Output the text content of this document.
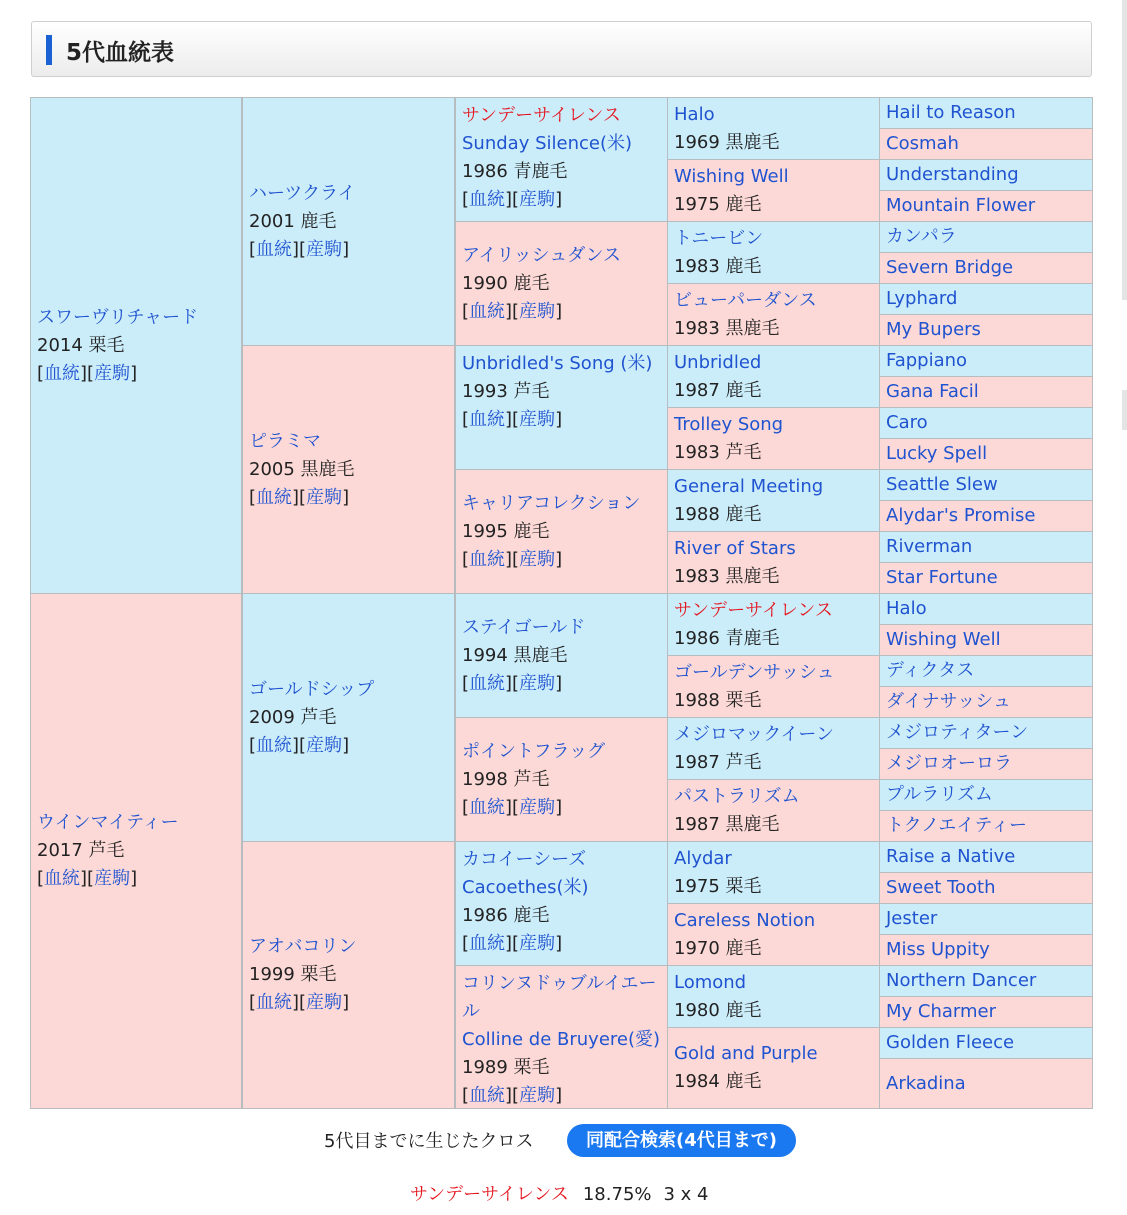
5代血統表
スワーヴリチャード
2014 栗毛
[血統][産駒]
ウインマイティー
2017 芦毛
[血統][産駒]
ハーツクライ
2001 鹿毛
[血統][産駒]
ピラミマ
2005 黒鹿毛
[血統][産駒]
ゴールドシップ
2009 芦毛
[血統][産駒]
アオバコリン
1999 栗毛
[血統][産駒]
サンデーサイレンス
Sunday Silence(米)
1986 青鹿毛
[血統][産駒]
アイリッシュダンス
1990 鹿毛
[血統][産駒]
Unbridled's Song (米)
1993 芦毛
[血統][産駒]
キャリアコレクション
1995 鹿毛
[血統][産駒]
ステイゴールド
1994 黒鹿毛
[血統][産駒]
ポイントフラッグ
1998 芦毛
[血統][産駒]
カコイーシーズ
Cacoethes(米)
1986 鹿毛
[血統][産駒]
コリンヌドゥブルイエール
Colline de Bruyere(愛)
1989 栗毛
[血統][産駒]
Halo
1969 黒鹿毛
Wishing Well
1975 鹿毛
トニービン
1983 鹿毛
ビューパーダンス
1983 黒鹿毛
Unbridled
1987 鹿毛
Trolley Song
1983 芦毛
General Meeting
1988 鹿毛
River of Stars
1983 黒鹿毛
サンデーサイレンス
1986 青鹿毛
ゴールデンサッシュ
1988 栗毛
メジロマックイーン
1987 芦毛
パストラリズム
1987 黒鹿毛
Alydar
1975 栗毛
Careless Notion
1970 鹿毛
Lomond
1980 鹿毛
Gold and Purple
1984 鹿毛
Hail to Reason
Cosmah
Understanding
Mountain Flower
カンパラ
Severn Bridge
Lyphard
My Bupers
Fappiano
Gana Facil
Caro
Lucky Spell
Seattle Slew
Alydar's Promise
Riverman
Star Fortune
Halo
Wishing Well
ディクタス
ダイナサッシュ
メジロティターン
メジロオーロラ
プルラリズム
トクノエイティー
Raise a Native
Sweet Tooth
Jester
Miss Uppity
Northern Dancer
My Charmer
Golden Fleece
Arkadina
5代目までに生じたクロス	同配合検索(4代目まで)
サンデーサイレンス 18.75% 3 x 4
